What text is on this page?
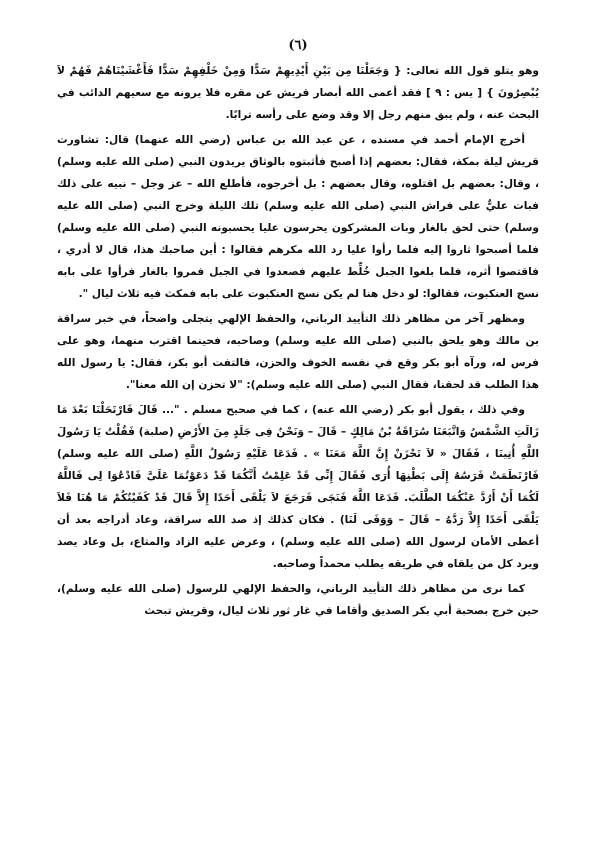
(٦)

وهو يتلو قول الله تعالى: { وَجَعَلْنَا مِن بَيْنِ أَيْدِيهِمْ سَدًّا وَمِنْ خَلْفِهِمْ سَدًّا فَأَغْشَيْنَاهُمْ فَهُمْ لاَ يُبْصِرُونَ } [ يس : ٩ ] فقد أعمى الله أبصار قريش عن مقره فلا يرونه مع سعيهم الدائب في البحث عنه ، ولم يبق منهم رجل إلا وقد وضع على رأسه ترابًا.

أخرج الإمام أحمد في مسنده ، عن عبد الله بن عباس (رضي الله عنهما) قال: تشاورت قريش ليلة بمكة، فقال: بعضهم إذا أصبح فأثبتوه بالوثاق يريدون النبي (صلى الله عليه وسلم) ، وقال: بعضهم بل اقتلوه، وقال بعضهم : بل أخرجوه، فأطلع الله – عز وجل – نبيه على ذلك فبات عليٌّ على فراش النبي (صلى الله عليه وسلم) تلك الليلة وخرج النبي (صلى الله عليه وسلم) حتى لحق بالغار وبات المشركون يحرسون عليا يحسبونه النبي (صلى الله عليه وسلم) فلما أصبحوا ثاروا إليه فلما رأوا عليا رد الله مكرهم فقالوا : أين صاحبك هذا، قال لا أدري ، فاقتصوا أثره، فلما بلغوا الجبل خُلِّط عليهم فصعدوا في الجبل فمروا بالغار فرأوا على بابه نسج العنكبوت، فقالوا: لو دخل هنا لم يكن نسج العنكبوت على بابه فمكث فيه ثلاث ليال ".

ومظهر آخر من مظاهر ذلك التأييد الرباني، والحفظ الإلهي يتجلى واضحاً، في خبر سراقة بن مالك وهو يلحق بالنبي (صلى الله عليه وسلم) وصاحبه، فحينما اقترب منهما، وهو على فرس له، ورآه أبو بكر وقع في نفسه الخوف والحزن، فالتفت أبو بكر، فقال: يا رسول الله هذا الطلب قد لحقنا، فقال النبي (صلى الله عليه وسلم): "لا تحزن إن الله معنا".

وفي ذلك ، يقول أبو بكر (رضي الله عنه) ، كما في صحيح مسلم . "... قَالَ فَارْتَحَلْنَا بَعْدَ مَا زَالَتِ الشَّمْسُ وَاتَّبَعَنَا سُرَاقَةُ بْنُ مَالِكٍ – قَالَ – وَنَحْنُ فِى جَلَدٍ مِنَ الأَرْضِ (صلبة) فَقُلْتُ يَا رَسُولَ اللَّهِ أُتِينَا ، فَقَالَ « لاَ تَحْزَنْ إِنَّ اللَّهَ مَعَنَا » . فَدَعَا عَلَيْهِ رَسُولُ اللَّهِ (صلى الله عليه وسلم) فَارْتَطَمَتْ فَرَسُهُ إِلَى بَطْنِهَا أُرَى فَقَالَ إِنِّى قَدْ عَلِمْتُ أَنَّكُمَا قَدْ دَعَوْتُمَا عَلَىَّ فَادْعُوَا لِى فَاللَّهُ لَكُمَا أَنْ أَرُدَّ عَنْكُمَا الطَّلَبَ. فَدَعَا اللَّهَ فَنَجَى فَرَجَعَ لاَ يَلْقَى أَحَدًا إِلاَّ قَالَ قَدْ كَفَيْتُكُمْ مَا هُنَا فَلاَ يَلْقَى أَحَدًا إِلاَّ رَدَّهُ – قَالَ – وَوَفَى لَنَا) . فكان كذلك إذ صد الله سراقة، وعاد أدراجه بعد أن أعطى الأمان لرسول الله (صلى الله عليه وسلم) ، وعرض عليه الزاد والمتاع، بل وعاد يصد ويرد كل من يلقاه في طريقه يطلب محمداً وصاحبه.

كما نرى من مظاهر ذلك التأييد الرباني، والحفظ الإلهي للرسول (صلى الله عليه وسلم)، حين خرج بصحبة أبي بكر الصديق وأقاما في غار ثور ثلاث ليال، وقريش تبحث
